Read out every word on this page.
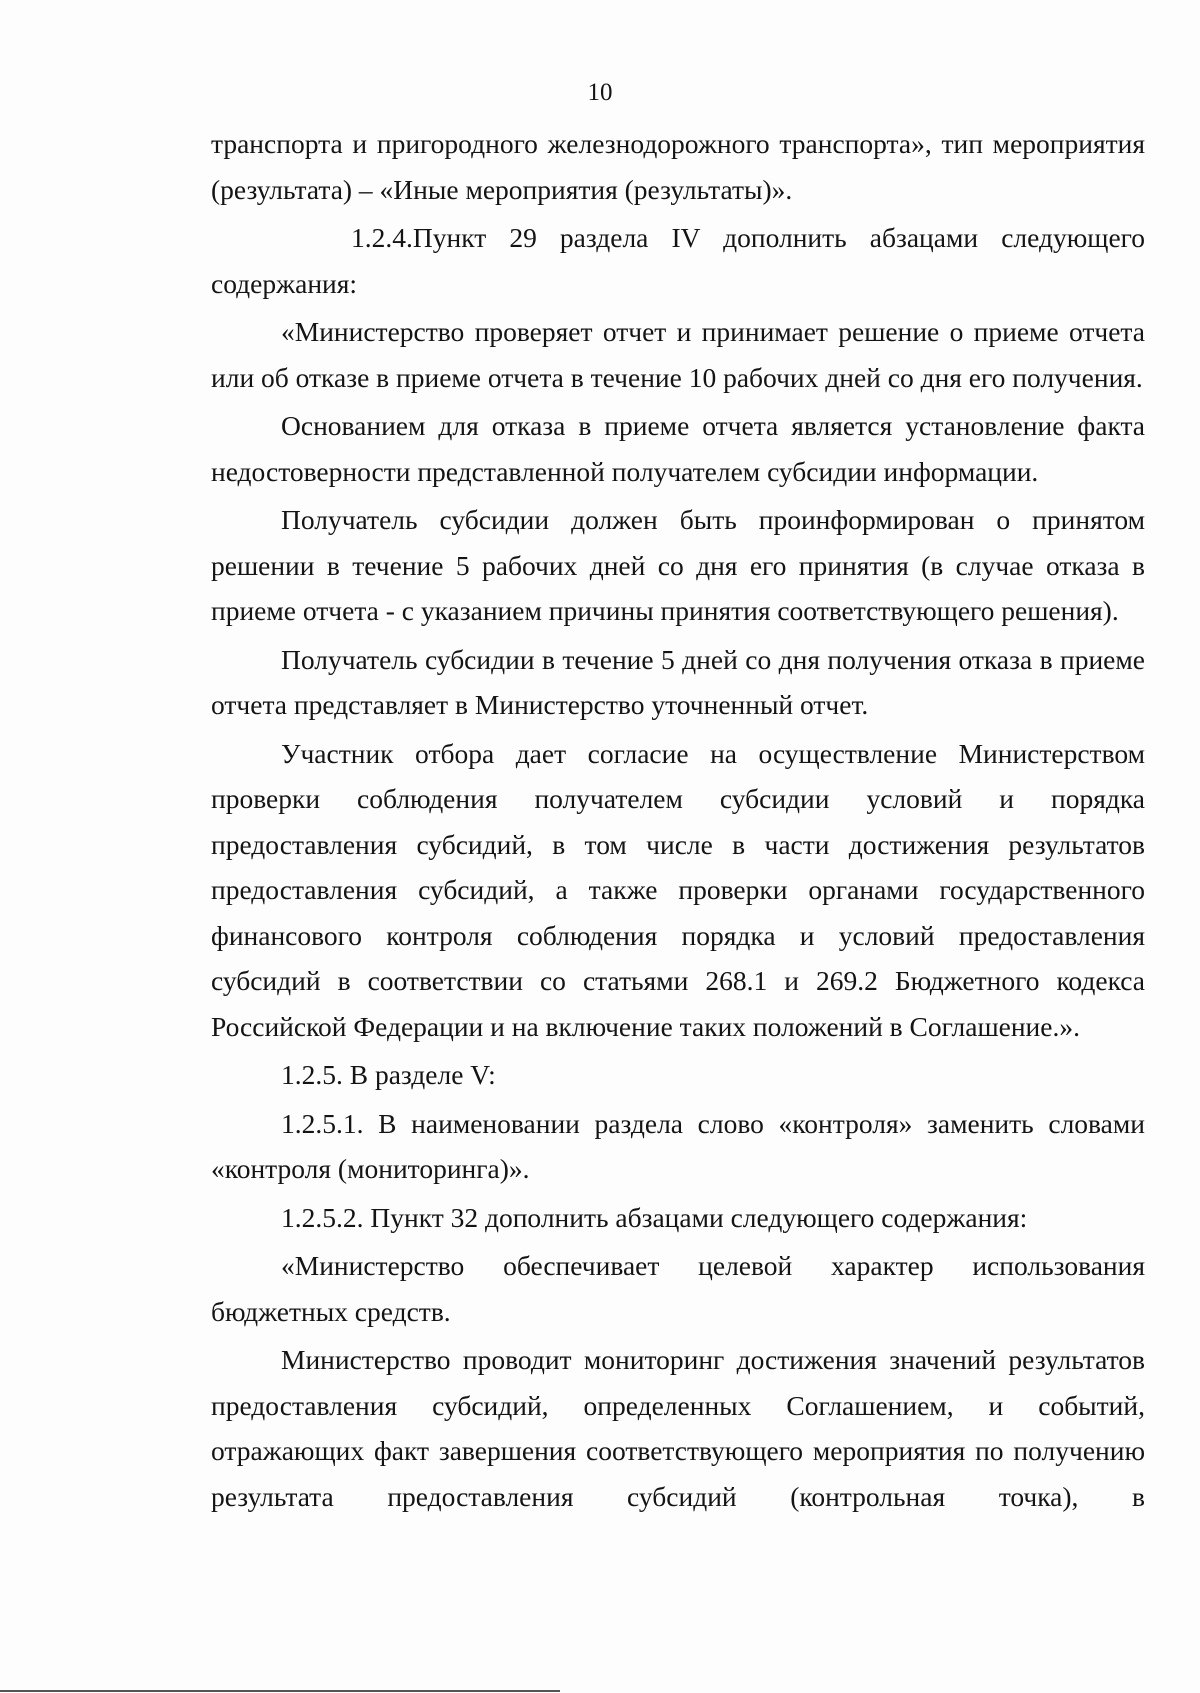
10

транспорта и пригородного железнодорожного транспорта», тип мероприятия (результата) – «Иные мероприятия (результаты)».

1.2.4.Пункт 29 раздела IV дополнить абзацами следующего содержания:

«Министерство проверяет отчет и принимает решение о приеме отчета или об отказе в приеме отчета в течение 10 рабочих дней со дня его получения.

Основанием для отказа в приеме отчета является установление факта недостоверности представленной получателем субсидии информации.

Получатель субсидии должен быть проинформирован о принятом решении в течение 5 рабочих дней со дня его принятия (в случае отказа в приеме отчета - с указанием причины принятия соответствующего решения).

Получатель субсидии в течение 5 дней со дня получения отказа в приеме отчета представляет в Министерство уточненный отчет.

Участник отбора дает согласие на осуществление Министерством проверки соблюдения получателем субсидии условий и порядка предоставления субсидий, в том числе в части достижения результатов предоставления субсидий, а также проверки органами государственного финансового контроля соблюдения порядка и условий предоставления субсидий в соответствии со статьями 268.1 и 269.2 Бюджетного кодекса Российской Федерации и на включение таких положений в Соглашение.».

1.2.5. В разделе V:

1.2.5.1. В наименовании раздела слово «контроля» заменить словами «контроля (мониторинга)».

1.2.5.2. Пункт 32 дополнить абзацами следующего содержания:

«Министерство обеспечивает целевой характер использования бюджетных средств.

Министерство проводит мониторинг достижения значений результатов предоставления субсидий, определенных Соглашением, и событий, отражающих факт завершения соответствующего мероприятия по получению результата предоставления субсидий (контрольная точка), в
